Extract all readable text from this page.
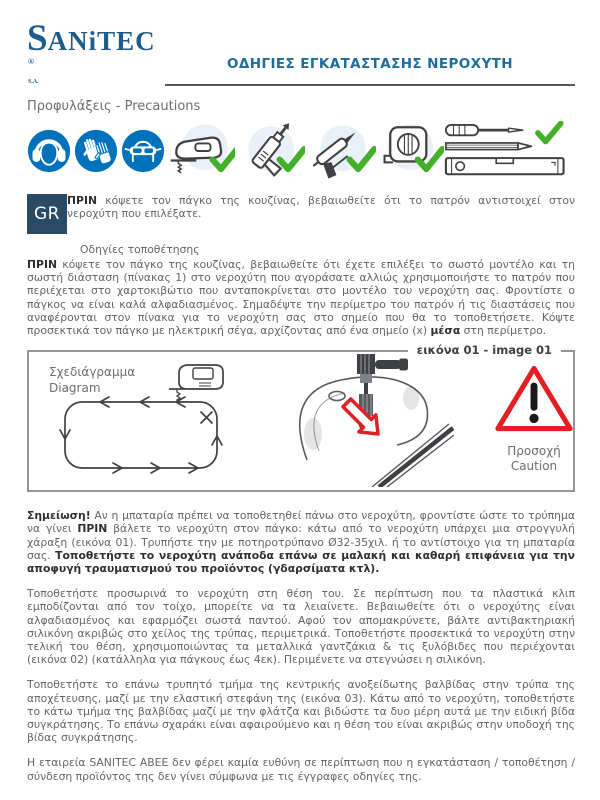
SANiTEC
®
S.A.
ΟΔΗΓΙΕΣ ΕΓΚΑΤΑΣΤΑΣΗΣ ΝΕΡΟΧΥΤΗ
Προφυλάξεις - Precautions
GR

ΠΡΙΝ κόψετε τον πάγκο της κουζίνας, βεβαιωθείτε ότι το πατρόν αντιστοιχεί στον νεροχύτη που επιλέξατε.

Οδηγίες τοποθέτησης

ΠΡΙΝ κόψετε τον πάγκο της κουζίνας, βεβαιωθείτε ότι έχετε επιλέξει το σωστό μοντέλο και τη σωστή διάσταση (πίνακας 1) στο νεροχύτη που αγοράσατε αλλιώς χρησιμοποιήστε το πατρόν που περιέχεται στο χαρτοκιβώτιο που ανταποκρίνεται στο μοντέλο του νεροχύτη σας. Φροντίστε ο πάγκος να είναι καλά αλφαδιασμένος. Σημαδέψτε την περίμετρο του πατρόν ή τις διαστάσεις που αναφέρονται στον πίνακα για το νεροχύτη σας στο σημείο που θα το τοποθετήσετε. Κόψτε προσεκτικά τον πάγκο με ηλεκτρική σέγα, αρχίζοντας από ένα σημείο (x) μέσα στη περίμετρο.

εικόνα 01 - image 01
Σχεδιάγραμμα
Diagram
Προσοχή
Caution

Σημείωση! Αν η μπαταρία πρέπει να τοποθετηθεί πάνω στο νεροχύτη, φροντίστε ώστε το τρύπημα να γίνει ΠΡΙΝ βάλετε το νεροχύτη στον πάγκο: κάτω από το νεροχύτη υπάρχει μια στρογγυλή χάραξη (εικόνα 01). Τρυπήστε την με ποτηροτρύπανο Ø32-35χιλ. ή το αντίστοιχο για τη μπαταρία σας. Τοποθετήστε το νεροχύτη ανάποδα επάνω σε μαλακή και καθαρή επιφάνεια για την αποφυγή τραυματισμού του προϊόντος (γδαρσίματα κτλ).

Τοποθετήστε προσωρινά το νεροχύτη στη θέση του. Σε περίπτωση που τα πλαστικά κλιπ εμποδίζονται από τον τοίχο, μπορείτε να τα λειαίνετε. Βεβαιωθείτε ότι ο νεροχύτης είναι αλφαδιασμένος και εφαρμόζει σωστά παντού. Αφού τον απομακρύνετε, βάλτε αντιβακτηριακή σιλικόνη ακριβώς στο χείλος της τρύπας, περιμετρικά. Τοποθετήστε προσεκτικά το νεροχύτη στην τελική του θέση, χρησιμοποιώντας τα μεταλλικά γαντζάκια & τις ξυλόβιδες που περιέχονται (εικόνα 02) (κατάλληλα για πάγκους έως 4εκ). Περιμένετε να στεγνώσει η σιλικόνη.

Τοποθετήστε το επάνω τρυπητό τμήμα της κεντρικής ανοξείδωτης βαλβίδας στην τρύπα της αποχέτευσης, μαζί με την ελαστική στεφάνη της (εικόνα 03). Κάτω από το νεροχύτη, τοποθετήστε το κάτω τμήμα της βαλβίδας μαζί με την φλάτζα και βιδώστε τα δυο μέρη αυτά με την ειδική βίδα συγκράτησης. Το επάνω σχαράκι είναι αφαιρούμενο και η θέση του είναι ακριβώς στην υποδοχή της βίδας συγκράτησης.

Η εταιρεία SANITEC ΑΒΕΕ δεν φέρει καμία ευθύνη σε περίπτωση που η εγκατάσταση / τοποθέτηση / σύνδεση προϊόντος της δεν γίνει σύμφωνα με τις έγγραφες οδηγίες της.
